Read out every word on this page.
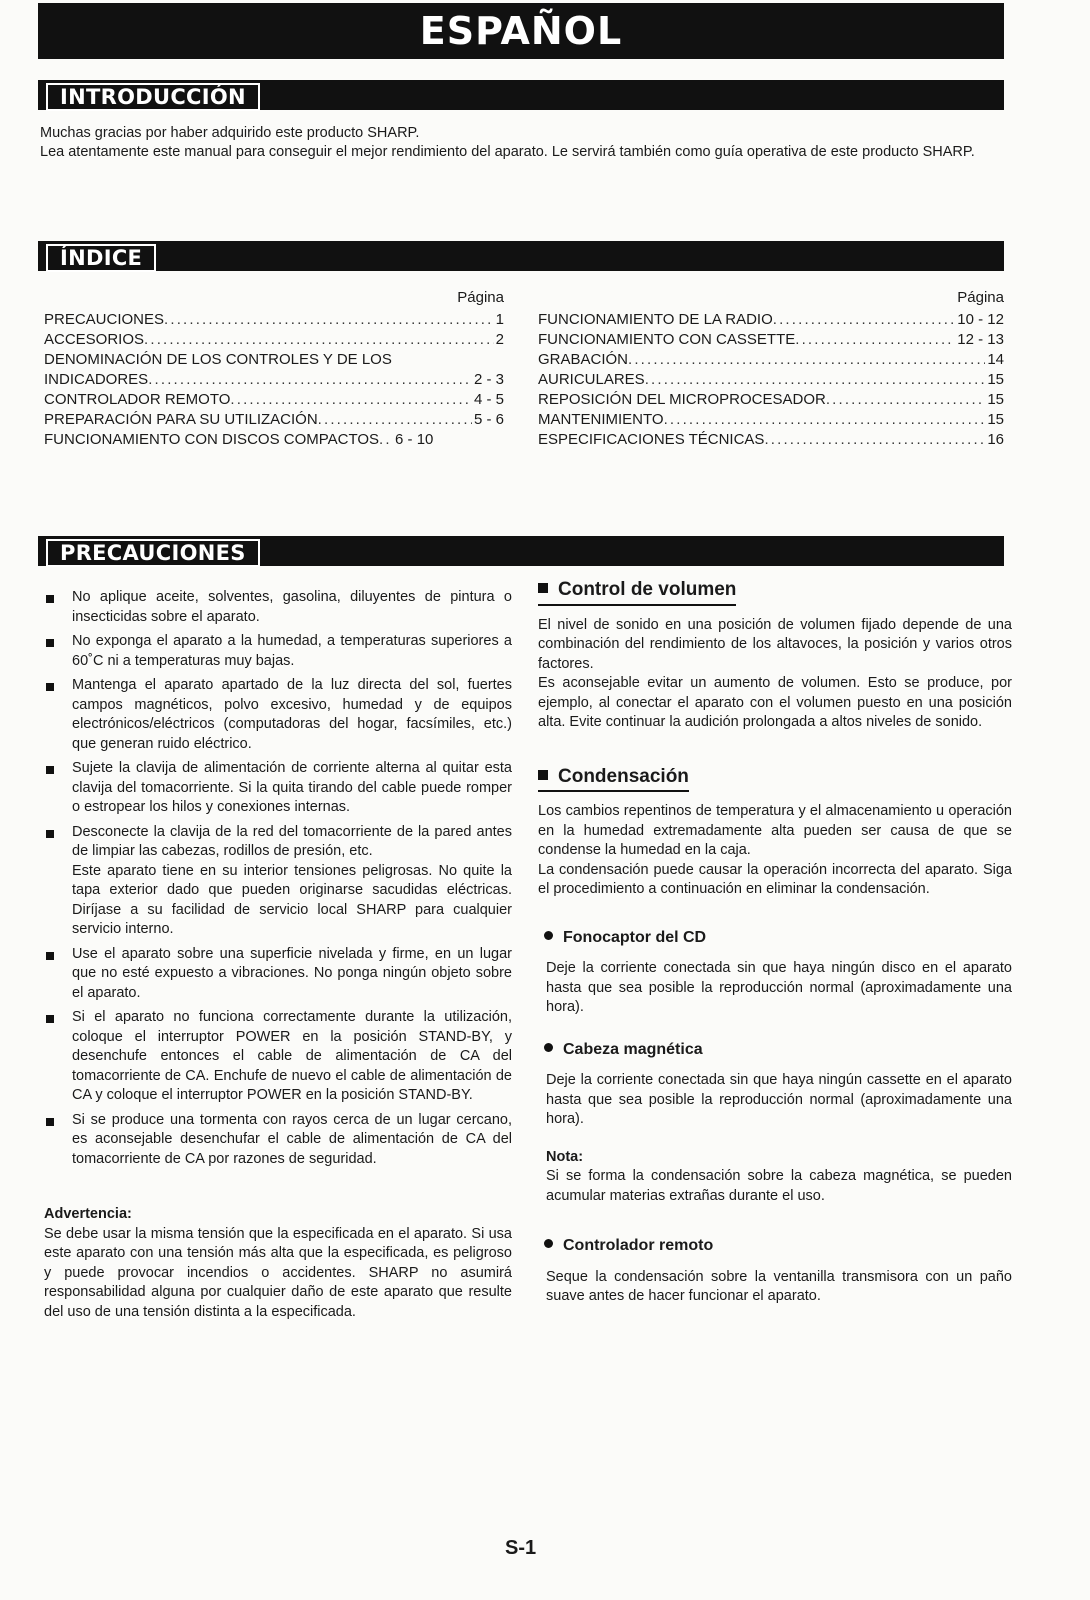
ESPAÑOL
INTRODUCCIÓN

Muchas gracias por haber adquirido este producto SHARP.

Lea atentamente este manual para conseguir el mejor rendimiento del aparato. Le servirá también como guía operativa de este producto SHARP.

ÍNDICE
Página
PRECAUCIONES . . .	1
ACCESORIOS . . .	2
DENOMINACIÓN DE LOS CONTROLES Y DE LOS
INDICADORES . . .	2 - 3
CONTROLADOR REMOTO . . .	4 - 5
PREPARACIÓN PARA SU UTILIZACIÓN . . .	5 - 6
FUNCIONAMIENTO CON DISCOS COMPACTOS . . . 6 - 10
Página
FUNCIONAMIENTO DE LA RADIO . . .	10 - 12
FUNCIONAMIENTO CON CASSETTE . . .	12 - 13
GRABACIÓN . . .	14
AURICULARES . . .	15
REPOSICIÓN DEL MICROPROCESADOR . . .	15
MANTENIMIENTO . . .	15
ESPECIFICACIONES TÉCNICAS . . .	16
PRECAUCIONES

No aplique aceite, solventes, gasolina, diluyentes de pintura o insecticidas sobre el aparato.

No exponga el aparato a la humedad, a temperaturas superiores a 60˚C ni a temperaturas muy bajas.

Mantenga el aparato apartado de la luz directa del sol, fuertes campos magnéticos, polvo excesivo, humedad y de equipos electrónicos/eléctricos (computadoras del hogar, facsímiles, etc.) que generan ruido eléctrico.

Sujete la clavija de alimentación de corriente alterna al quitar esta clavija del tomacorriente. Si la quita tirando del cable puede romper o estropear los hilos y conexiones internas.

Desconecte la clavija de la red del tomacorriente de la pared antes de limpiar las cabezas, rodillos de presión, etc.

Este aparato tiene en su interior tensiones peligrosas. No quite la tapa exterior dado que pueden originarse sacudidas eléctricas. Diríjase a su facilidad de servicio local SHARP para cualquier servicio interno.

Use el aparato sobre una superficie nivelada y firme, en un lugar que no esté expuesto a vibraciones. No ponga ningún objeto sobre el aparato.

Si el aparato no funciona correctamente durante la utilización, coloque el interruptor POWER en la posición STAND-BY, y desenchufe entonces el cable de alimentación de CA del tomacorriente de CA. Enchufe de nuevo el cable de alimentación de CA y coloque el interruptor POWER en la posición STAND-BY.

Si se produce una tormenta con rayos cerca de un lugar cercano, es aconsejable desenchufar el cable de alimentación de CA del tomacorriente de CA por razones de seguridad.

Advertencia:

Se debe usar la misma tensión que la especificada en el aparato. Si usa este aparato con una tensión más alta que la especificada, es peligroso y puede provocar incendios o accidentes. SHARP no asumirá responsabilidad alguna por cualquier daño de este aparato que resulte del uso de una tensión distinta a la especificada.

Control de volumen

El nivel de sonido en una posición de volumen fijado depende de una combinación del rendimiento de los altavoces, la posición y varios otros factores.

Es aconsejable evitar un aumento de volumen. Esto se produce, por ejemplo, al conectar el aparato con el volumen puesto en una posición alta. Evite continuar la audición prolongada a altos niveles de sonido.

Condensación

Los cambios repentinos de temperatura y el almacenamiento u operación en la humedad extremadamente alta pueden ser causa de que se condense la humedad en la caja.

La condensación puede causar la operación incorrecta del aparato. Siga el procedimiento a continuación en eliminar la condensación.

Fonocaptor del CD

Deje la corriente conectada sin que haya ningún disco en el aparato hasta que sea posible la reproducción normal (aproximadamente una hora).

Cabeza magnética

Deje la corriente conectada sin que haya ningún cassette en el aparato hasta que sea posible la reproducción normal (aproximadamente una hora).

Nota:

Si se forma la condensación sobre la cabeza magnética, se pueden acumular materias extrañas durante el uso.

Controlador remoto

Seque la condensación sobre la ventanilla transmisora con un paño suave antes de hacer funcionar el aparato.

S-1
